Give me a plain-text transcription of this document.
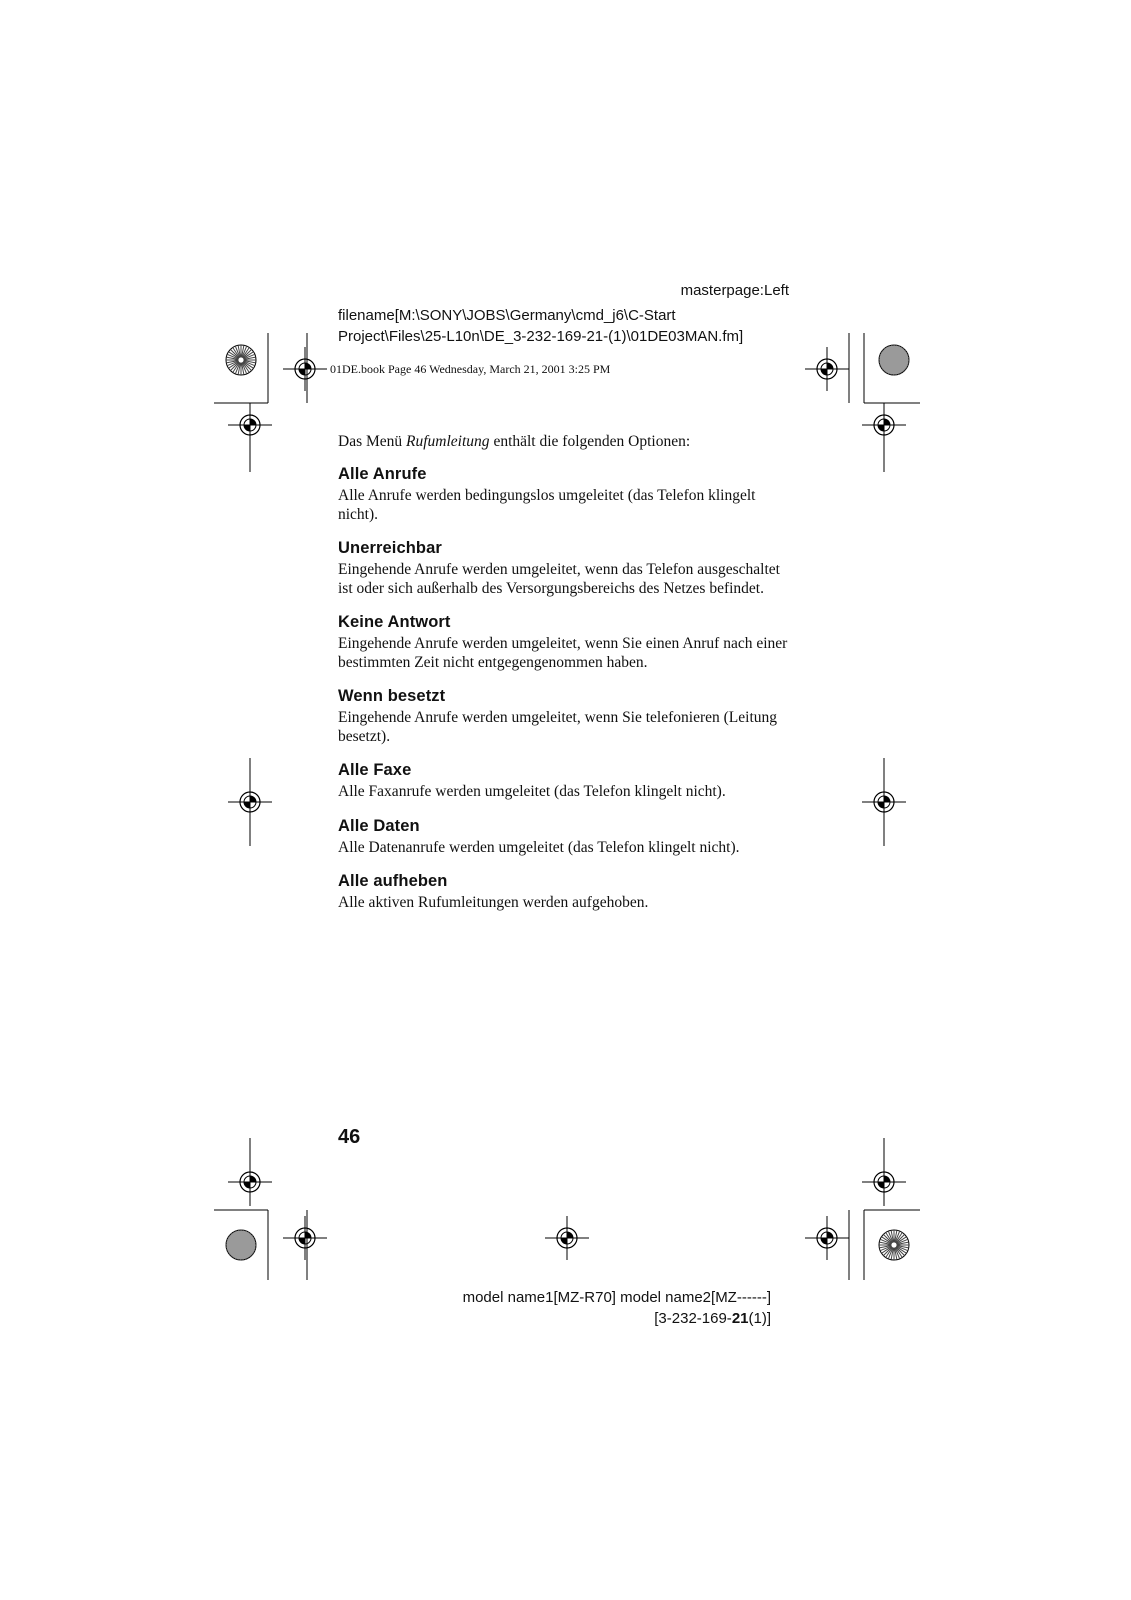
masterpage:Left
filename[M:\SONY\JOBS\Germany\cmd_j6\C-Start
Project\Files\25-L10n\DE_3-232-169-21-(1)\01DE03MAN.fm]
01DE.book Page 46 Wednesday, March 21, 2001 3:25 PM

Das Menü Rufumleitung enthält die folgenden Optionen:

Alle Anrufe

Alle Anrufe werden bedingungslos umgeleitet (das Telefon klingelt nicht).

Unerreichbar

Eingehende Anrufe werden umgeleitet, wenn das Telefon ausgeschaltet ist oder sich außerhalb des Versorgungsbereichs des Netzes befindet.

Keine Antwort

Eingehende Anrufe werden umgeleitet, wenn Sie einen Anruf nach einer bestimmten Zeit nicht entgegengenommen haben.

Wenn besetzt

Eingehende Anrufe werden umgeleitet, wenn Sie telefonieren (Leitung besetzt).

Alle Faxe

Alle Faxanrufe werden umgeleitet (das Telefon klingelt nicht).

Alle Daten

Alle Datenanrufe werden umgeleitet (das Telefon klingelt nicht).

Alle aufheben

Alle aktiven Rufumleitungen werden aufgehoben.

46
model name1[MZ-R70] model name2[MZ------]
[3-232-169-21(1)]
